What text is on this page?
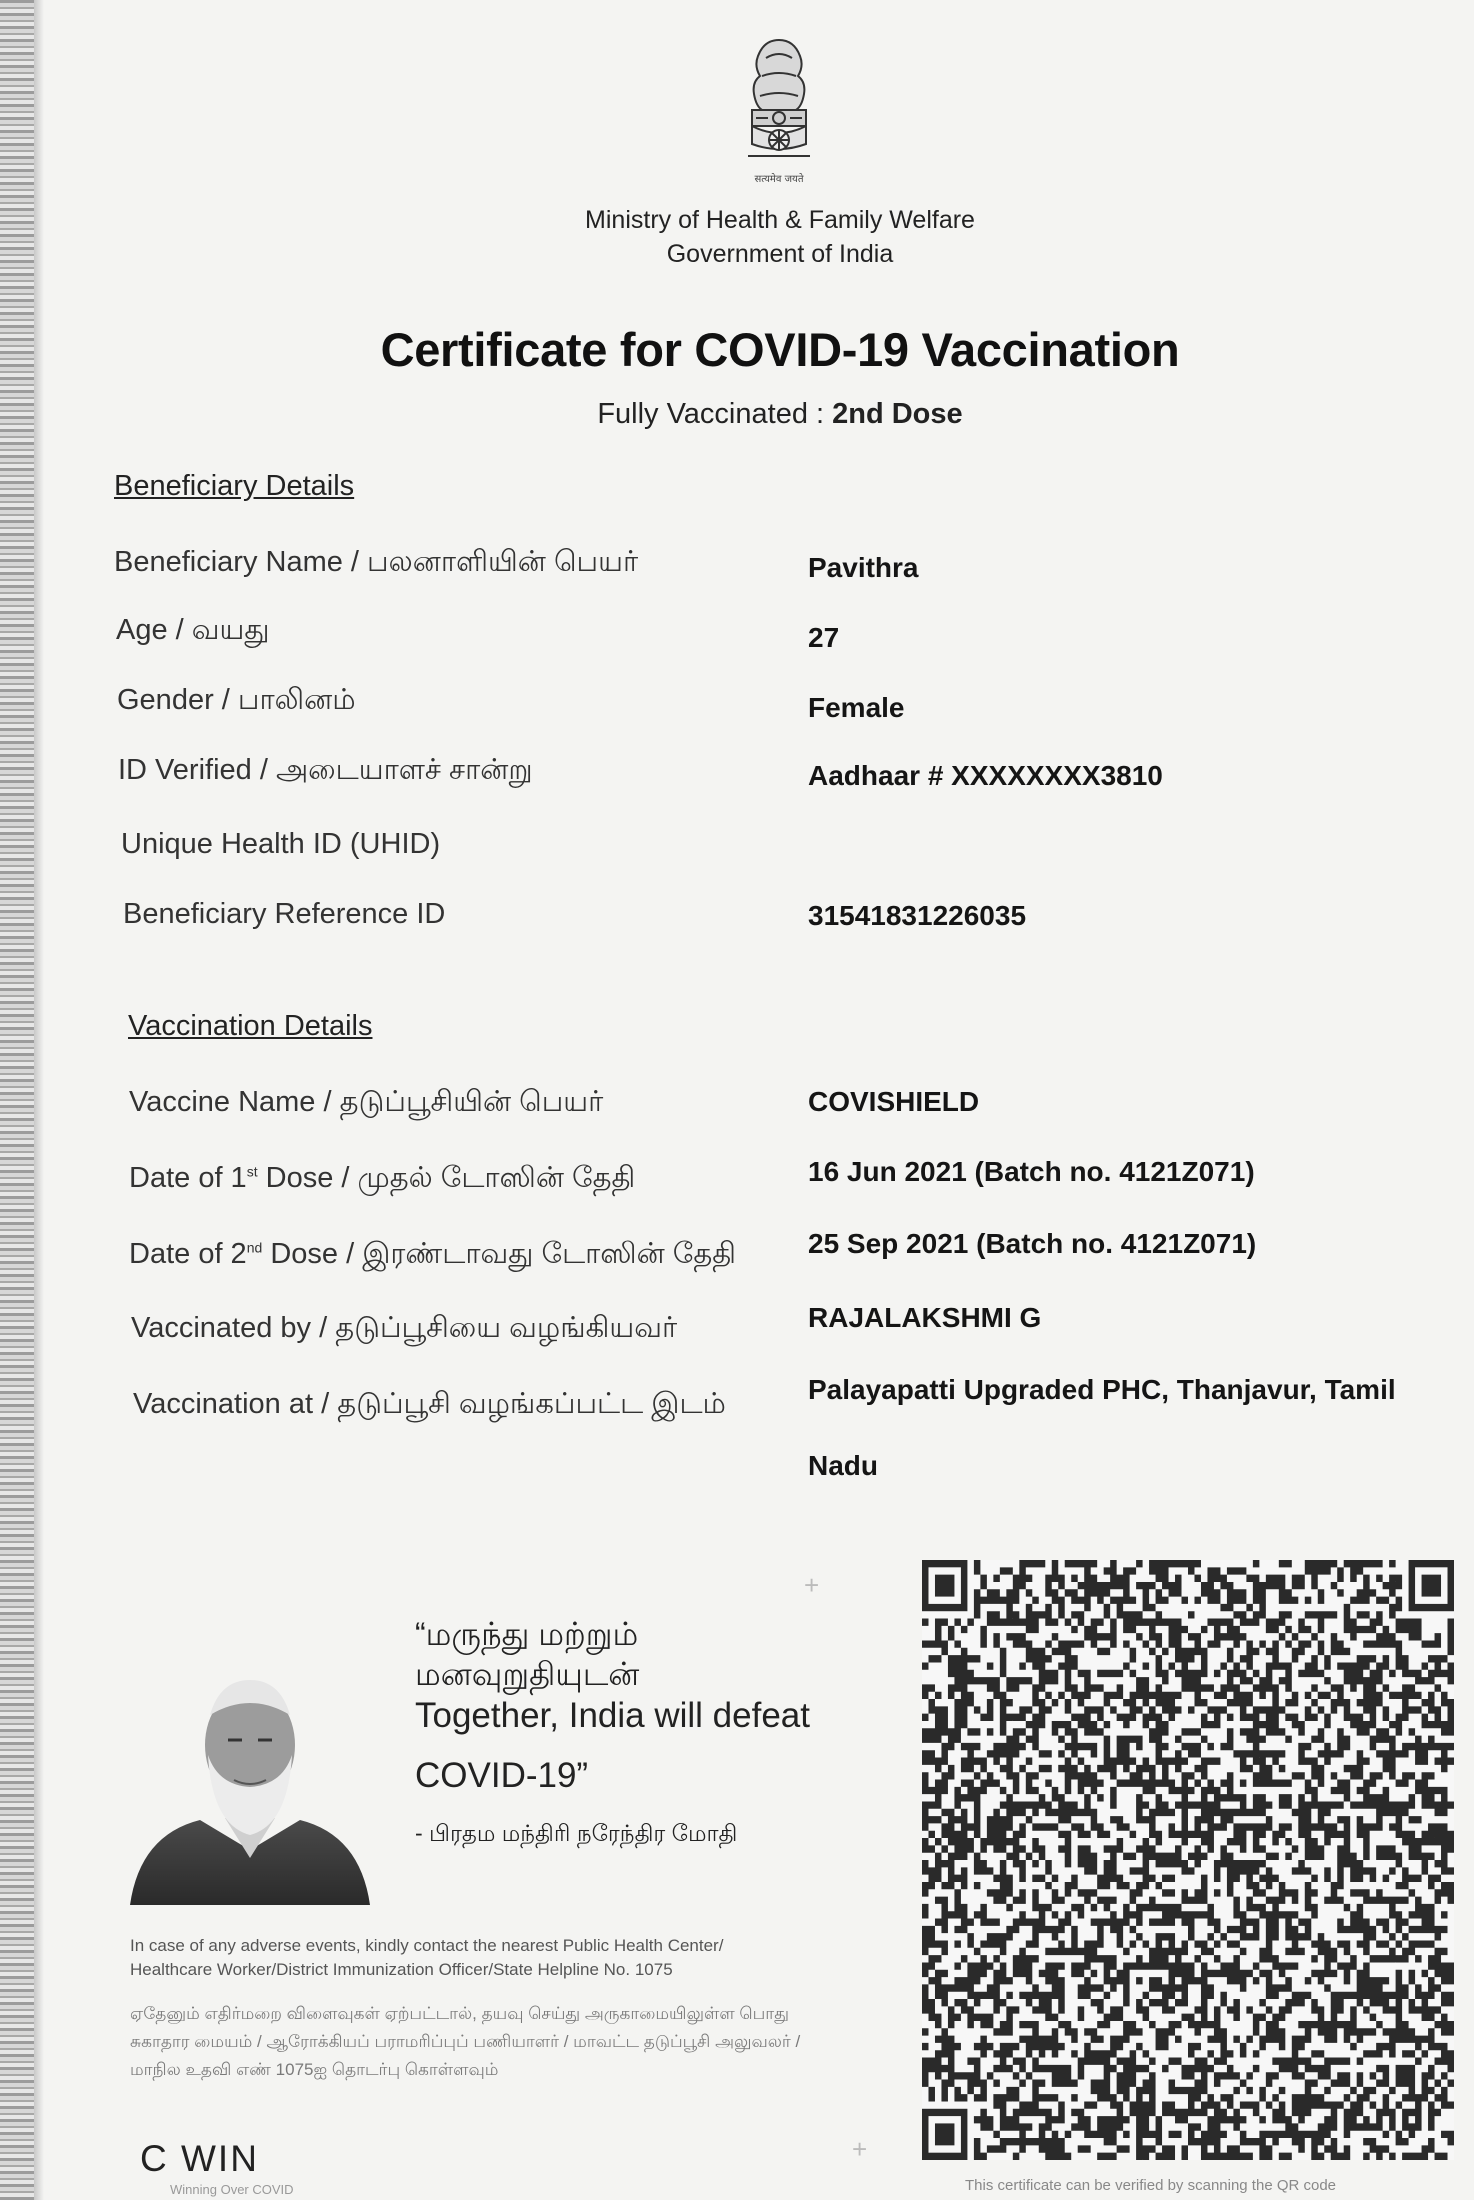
सत्यमेव जयते
Ministry of Health & Family Welfare
Government of India
Certificate for COVID-19 Vaccination
Fully Vaccinated : 2nd Dose
Beneficiary Details
Beneficiary Name / பலனாளியின் பெயர்	Pavithra
Age / வயது	27
Gender / பாலினம்	Female
ID Verified / அடையாளச் சான்று	Aadhaar # XXXXXXXX3810
Unique Health ID (UHID)
Beneficiary Reference ID	31541831226035
Vaccination Details
Vaccine Name / தடுப்பூசியின் பெயர்	COVISHIELD
Date of 1st Dose / முதல் டோஸின் தேதி	16 Jun 2021 (Batch no. 4121Z071)
Date of 2nd Dose / இரண்டாவது டோஸின் தேதி	25 Sep 2021 (Batch no. 4121Z071)
Vaccinated by / தடுப்பூசியை வழங்கியவர்	RAJALAKSHMI G
Vaccination at / தடுப்பூசி வழங்கப்பட்ட இடம்	Palayapatti Upgraded PHC, Thanjavur, Tamil
Nadu
“மருந்து மற்றும்
மனவுறுதியுடன்
Together, India will defeat
COVID-19”
- பிரதம மந்திரி நரேந்திர மோதி
In case of any adverse events, kindly contact the nearest Public Health Center/
Healthcare Worker/District Immunization Officer/State Helpline No. 1075
ஏதேனும் எதிர்மறை விளைவுகள் ஏற்பட்டால், தயவு செய்து அருகாமையிலுள்ள பொது
சுகாதார மையம் / ஆரோக்கியப் பராமரிப்புப் பணியாளர் / மாவட்ட தடுப்பூசி அலுவலர் /
மாநில உதவி எண் 1075ஐ தொடர்பு கொள்ளவும்
C WIN
Winning Over COVID	This certificate can be verified by scanning the QR code
+
+
